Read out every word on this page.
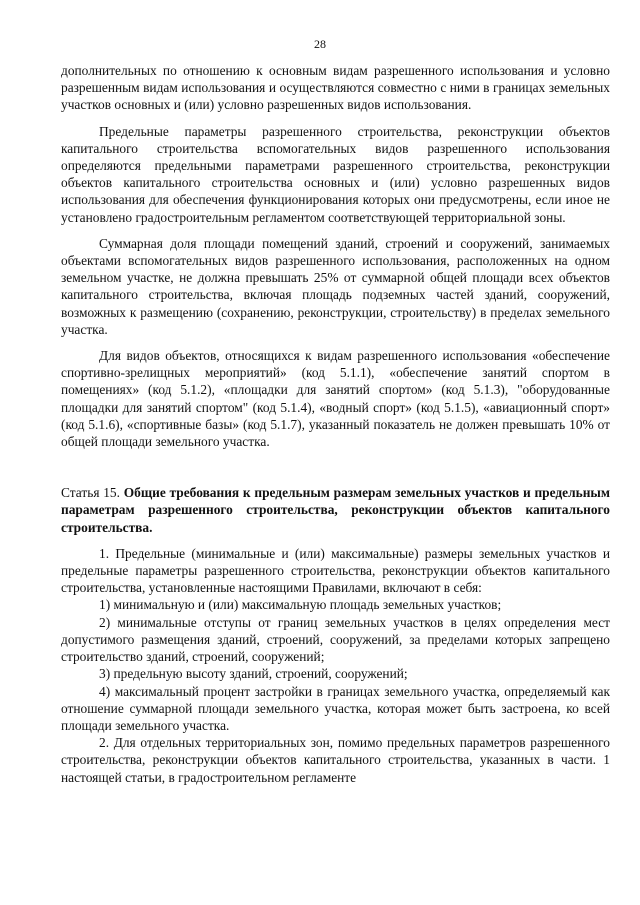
28

дополнительных по отношению к основным видам разрешенного использования и условно разрешенным видам использования и осуществляются совместно с ними в границах земельных участков основных и (или) условно разрешенных видов использования.

Предельные параметры разрешенного строительства, реконструкции объектов капитального строительства вспомогательных видов разрешенного использования определяются предельными параметрами разрешенного строительства, реконструкции объектов капитального строительства основных и (или) условно разрешенных видов использования для обеспечения функционирования которых они предусмотрены, если иное не установлено градостроительным регламентом соответствующей территориальной зоны.

Суммарная доля площади помещений зданий, строений и сооружений, занимаемых объектами вспомогательных видов разрешенного использования, расположенных на одном земельном участке, не должна превышать 25% от суммарной общей площади всех объектов капитального строительства, включая площадь подземных частей зданий, сооружений, возможных к размещению (сохранению, реконструкции, строительству) в пределах земельного участка.

Для видов объектов, относящихся к видам разрешенного использования «обеспечение спортивно-зрелищных мероприятий» (код 5.1.1), «обеспечение занятий спортом в помещениях» (код 5.1.2), «площадки для занятий спортом» (код 5.1.3), "оборудованные площадки для занятий спортом" (код 5.1.4), «водный спорт» (код 5.1.5), «авиационный спорт» (код 5.1.6), «спортивные базы» (код 5.1.7), указанный показатель не должен превышать 10% от общей площади земельного участка.

Статья 15. Общие требования к предельным размерам земельных участков и предельным параметрам разрешенного строительства, реконструкции объектов капитального строительства.

1. Предельные (минимальные и (или) максимальные) размеры земельных участков и предельные параметры разрешенного строительства, реконструкции объектов капитального строительства, установленные настоящими Правилами, включают в себя:

1) минимальную и (или) максимальную площадь земельных участков;

2) минимальные отступы от границ земельных участков в целях определения мест допустимого размещения зданий, строений, сооружений, за пределами которых запрещено строительство зданий, строений, сооружений;

3) предельную высоту зданий, строений, сооружений;

4) максимальный процент застройки в границах земельного участка, определяемый как отношение суммарной площади земельного участка, которая может быть застроена, ко всей площади земельного участка.

2. Для отдельных территориальных зон, помимо предельных параметров разрешенного строительства, реконструкции объектов капитального строительства, указанных в части. 1 настоящей статьи, в градостроительном регламенте
